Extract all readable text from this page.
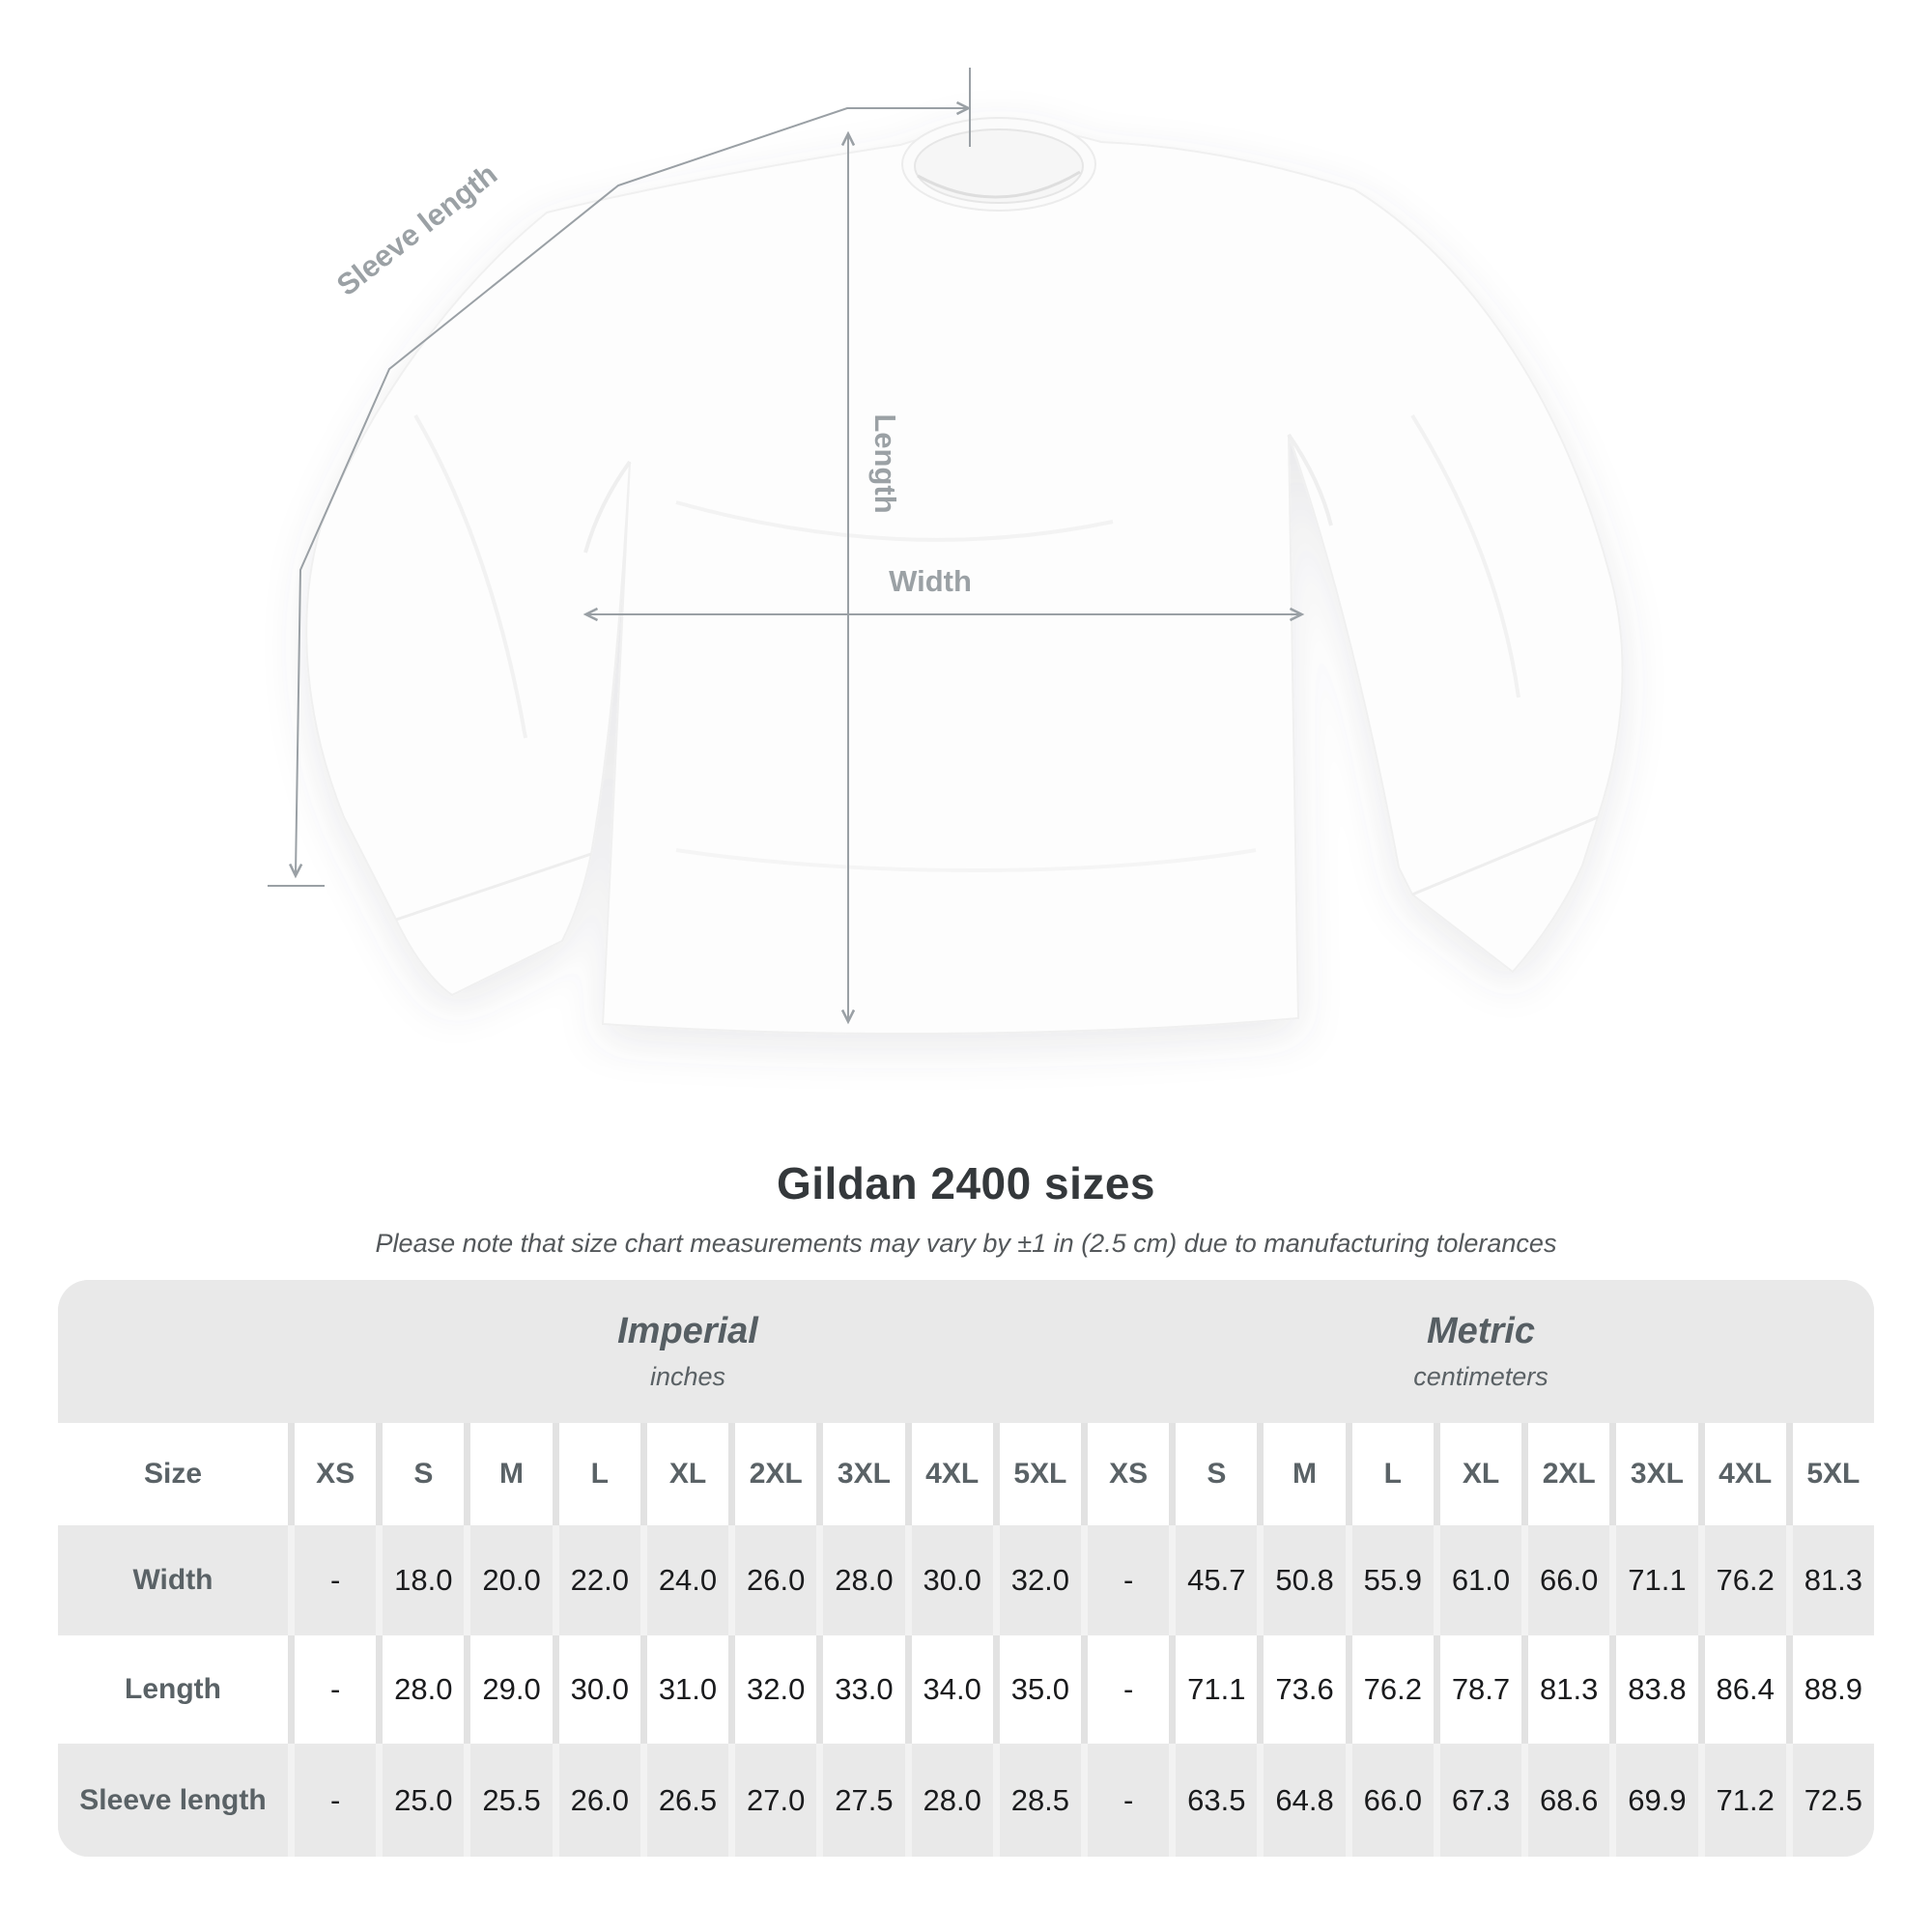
Sleeve length
Length
Width
Gildan 2400 sizes
Please note that size chart measurements may vary by ±1 in (2.5 cm) due to manufacturing tolerances
Imperial
inches
Metric
centimeters
Size	XS	S	M	L	XL	2XL	3XL	4XL	5XL	XS	S	M	L	XL	2XL	3XL	4XL	5XL
Width	-	18.0 20.0 22.0 24.0 26.0 28.0 30.0 32.0	-	45.7 50.8 55.9 61.0 66.0 71.1 76.2 81.3
Length	-	28.0 29.0 30.0 31.0 32.0 33.0 34.0 35.0	-	71.1 73.6 76.2 78.7 81.3 83.8 86.4 88.9
Sleeve length	-	25.0 25.5 26.0 26.5 27.0 27.5 28.0 28.5	-	63.5 64.8 66.0 67.3 68.6 69.9 71.2 72.5
